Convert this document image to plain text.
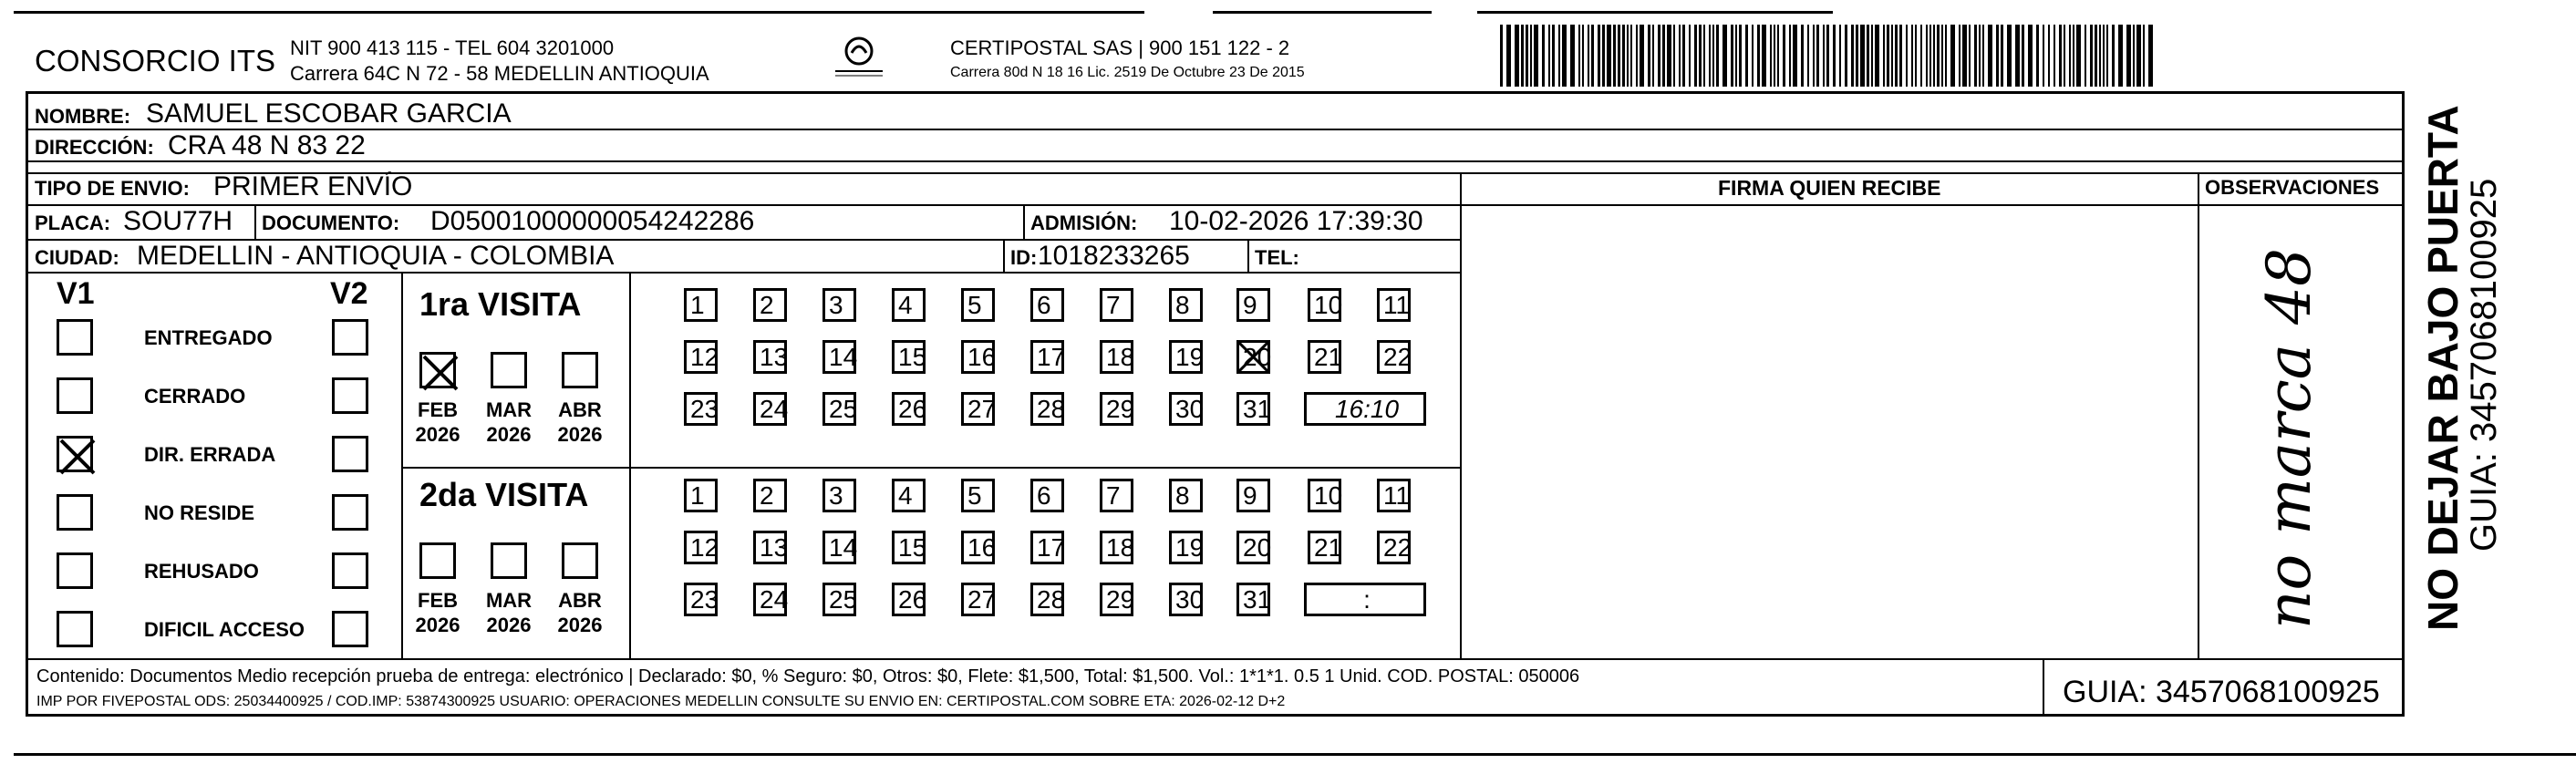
CONSORCIO ITS NIT 900 413 115 - TEL 604 3201000
Carrera 64C N 72 - 58 MEDELLIN ANTIOQUIA
CERTIPOSTAL SAS | 900 151 122 - 2
Carrera 80d N 18 16 Lic. 2519 De Octubre 23 De 2015
NOMBRE: SAMUEL ESCOBAR GARCIA
DIRECCIÓN: CRA 48 N 83 22
TIPO DE ENVIO: PRIMER ENVÍO
PLACA: SOU77H DOCUMENTO: D05001000000054242286	ADMISIÓN: 10-02-2026 17:39:30
CIUDAD: MEDELLIN - ANTIOQUIA - COLOMBIA	ID: 1018233265	TEL:
FIRMA QUIEN RECIBE	OBSERVACIONES
no marca 48
V1	V2
ENTREGADO
CERRADO
DIR. ERRADA
NO RESIDE
REHUSADO
DIFICIL ACCESO
1ra VISITA
2da VISITA
FEB
2026
MAR
2026
ABR
2026
1	2	3	4	5	6	7	8	9	10 11
12 13 14 15 16 17 18 19 20 21 22
23 24 25 26 27 28 29 30 31	16:10
FEB
2026
MAR
2026
ABR
2026
1	2	3	4	5	6	7	8	9	10 11
12 13 14 15 16 17 18 19 20 21 22
23 24 25 26 27 28 29 30 31	:
Contenido: Documentos Medio recepción prueba de entrega: electrónico | Declarado: $0, % Seguro: $0, Otros: $0, Flete: $1,500, Total: $1,500. Vol.: 1*1*1. 0.5 1 Unid. COD. POSTAL: 050006
IMP POR FIVEPOSTAL ODS: 25034400925 / COD.IMP: 53874300925 USUARIO: OPERACIONES MEDELLIN CONSULTE SU ENVIO EN: CERTIPOSTAL.COM SOBRE ETA: 2026-02-12 D+2	GUIA: 3457068100925
NO DEJAR BAJO PUERTA
GUIA: 3457068100925
